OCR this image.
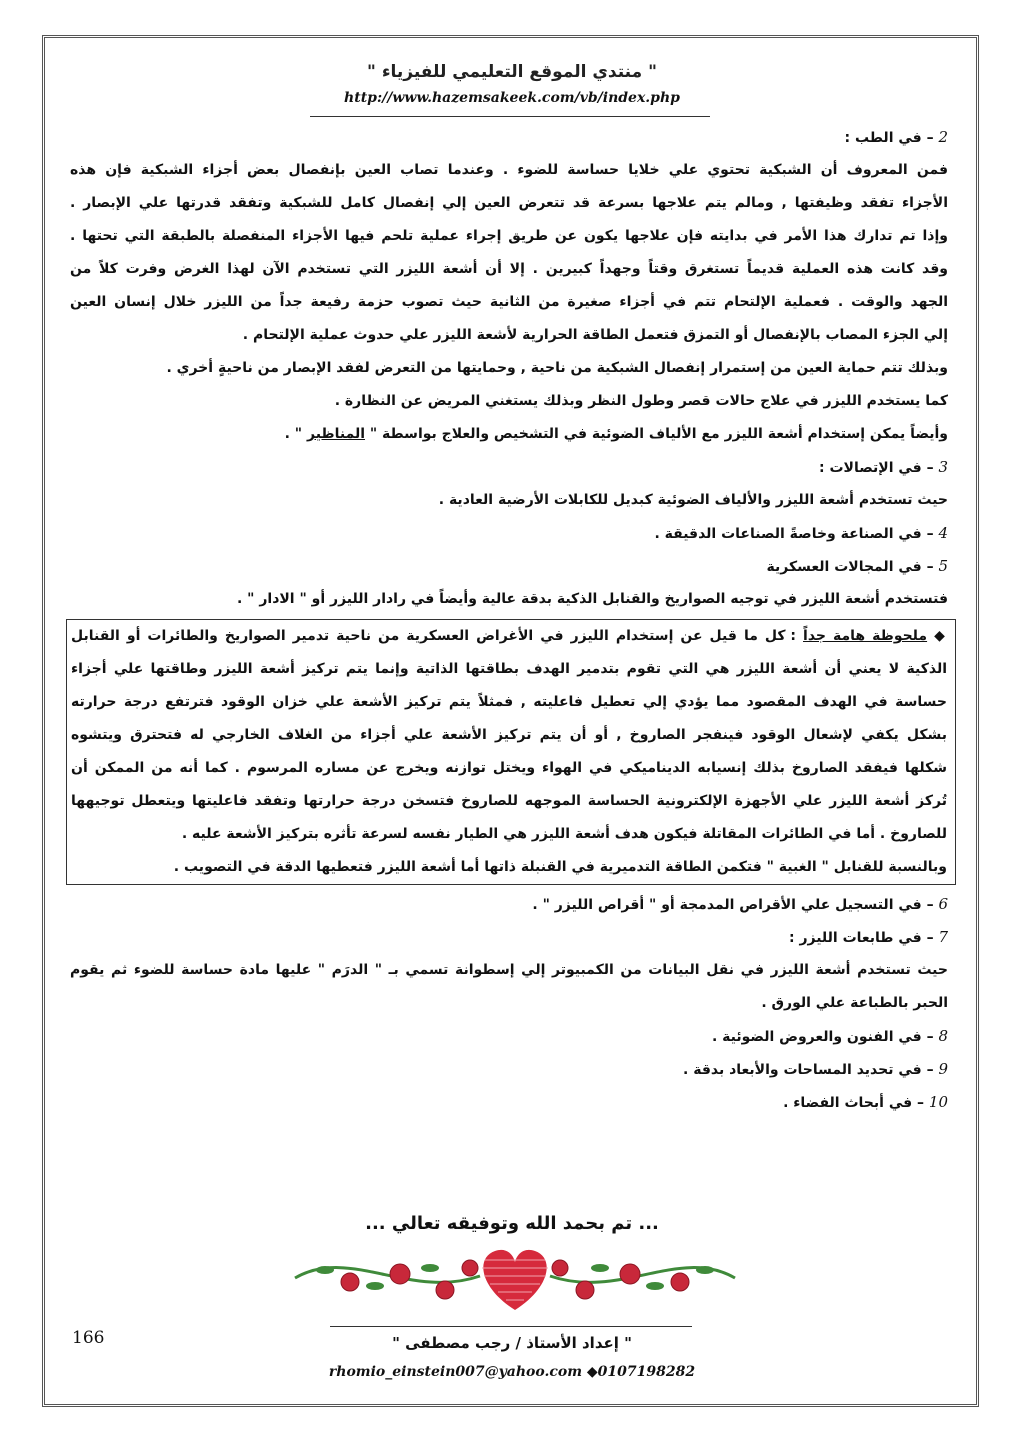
" منتدي الموقع التعليمي للفيزياء "
http://www.hazemsakeek.com/vb/index.php
2 – في الطب :
فمن المعروف أن الشبكية تحتوي علي خلايا حساسة للضوء . وعندما تصاب العين بإنفصال بعض أجزاء الشبكية فإن هذه
الأجزاء تفقد وظيفتها , ومالم يتم علاجها بسرعة قد تتعرض العين إلي إنفصال كامل للشبكية وتفقد قدرتها علي الإبصار .
وإذا تم تدارك هذا الأمر في بدايته فإن علاجها يكون عن طريق إجراء عملية تلحم فيها الأجزاء المنفصلة بالطبقة التي تحتها .
وقد كانت هذه العملية قديماً تستغرق وقتاً وجهداً كبيرين . إلا أن أشعة الليزر التي تستخدم الآن لهذا الغرض وفرت كلاً من
الجهد والوقت . فعملية الإلتحام تتم في أجزاء صغيرة من الثانية حيث تصوب حزمة رفيعة جداً من الليزر خلال إنسان العين
إلي الجزء المصاب بالإنفصال أو التمزق فتعمل الطاقة الحرارية لأشعة الليزر علي حدوث عملية الإلتحام .
وبذلك تتم حماية العين من إستمرار إنفصال الشبكية من ناحية , وحمايتها من التعرض لفقد الإبصار من ناحيةٍ أخري .
كما يستخدم الليزر في علاج حالات قصر وطول النظر وبذلك يستغني المريض عن النظارة .
وأيضاً يمكن إستخدام أشعة الليزر مع الألياف الضوئية في التشخيص والعلاج بواسطة " المناظير " .
3 – في الإتصالات :
حيث تستخدم أشعة الليزر والألياف الضوئية كبديل للكابلات الأرضية العادية .
4 – في الصناعة وخاصةً الصناعات الدقيقة .
5 – في المجالات العسكرية
فتستخدم أشعة الليزر في توجيه الصواريخ والقنابل الذكية بدقة عالية وأيضاً في رادار الليزر أو " الادار " .
◆ ملحوظة هامة جداً : كل ما قيل عن إستخدام الليزر في الأغراض العسكرية من ناحية تدمير الصواريخ والطائرات أو القنابل
الذكية لا يعني أن أشعة الليزر هي التي تقوم بتدمير الهدف بطاقتها الذاتية وإنما يتم تركيز أشعة الليزر وطاقتها علي أجزاء
حساسة في الهدف المقصود مما يؤدي إلي تعطيل فاعليته , فمثلاً يتم تركيز الأشعة علي خزان الوقود فترتفع درجة حرارته
بشكل يكفي لإشعال الوقود فينفجر الصاروخ , أو أن يتم تركيز الأشعة علي أجزاء من الغلاف الخارجي له فتحترق ويتشوه
شكلها فيفقد الصاروخ بذلك إنسيابه الديناميكي في الهواء ويختل توازنه ويخرج عن مساره المرسوم . كما أنه من الممكن أن
تُركز أشعة الليزر علي الأجهزة الإلكترونية الحساسة الموجهه للصاروخ فتسخن درجة حرارتها وتفقد فاعليتها ويتعطل توجيهها
للصاروخ . أما في الطائرات المقاتلة فيكون هدف أشعة الليزر هي الطيار نفسه لسرعة تأثره بتركيز الأشعة عليه .
وبالنسبة للقنابل " الغبية " فتكمن الطاقة التدميرية في القنبلة ذاتها أما أشعة الليزر فتعطيها الدقة في التصويب .
6 – في التسجيل علي الأقراص المدمجة أو " أقراص الليزر " .
7 – في طابعات الليزر :
حيث تستخدم أشعة الليزر في نقل البيانات من الكمبيوتر إلي إسطوانة تسمي بـ " الدرَم " عليها مادة حساسة للضوء ثم يقوم
الحبر بالطباعة علي الورق .
8 – في الفنون والعروض الضوئية .
9 – في تحديد المساحات والأبعاد بدقة .
10 – في أبحاث الفضاء .
... تم بحمد الله وتوفيقه تعالي ...
166	" إعداد الأستاذ / رجب مصطفى "
rhomio_einstein007@yahoo.com ◆0107198282
